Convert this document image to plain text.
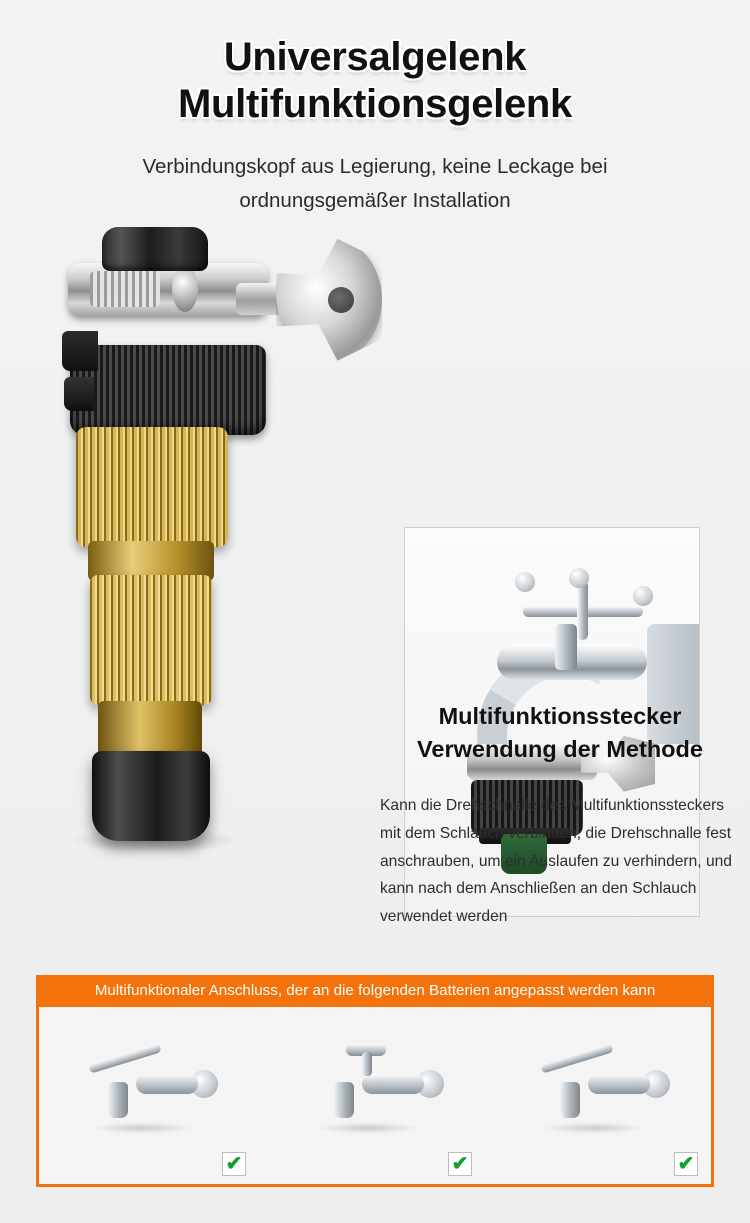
Universalgelenk
Multifunktionsgelenk
Verbindungskopf aus Legierung, keine Leckage bei ordnungsgemäßer Installation
Multifunktionsstecker
Verwendung der Methode
Kann die Drehschnalle des Multifunktionssteckers mit dem Schlauch verbinden, die Drehschnalle fest anschrauben, um ein Auslaufen zu verhindern, und kann nach dem Anschließen an den Schlauch verwendet werden
Multifunktionaler Anschluss, der an die folgenden Batterien angepasst werden kann
✔	✔	✔
